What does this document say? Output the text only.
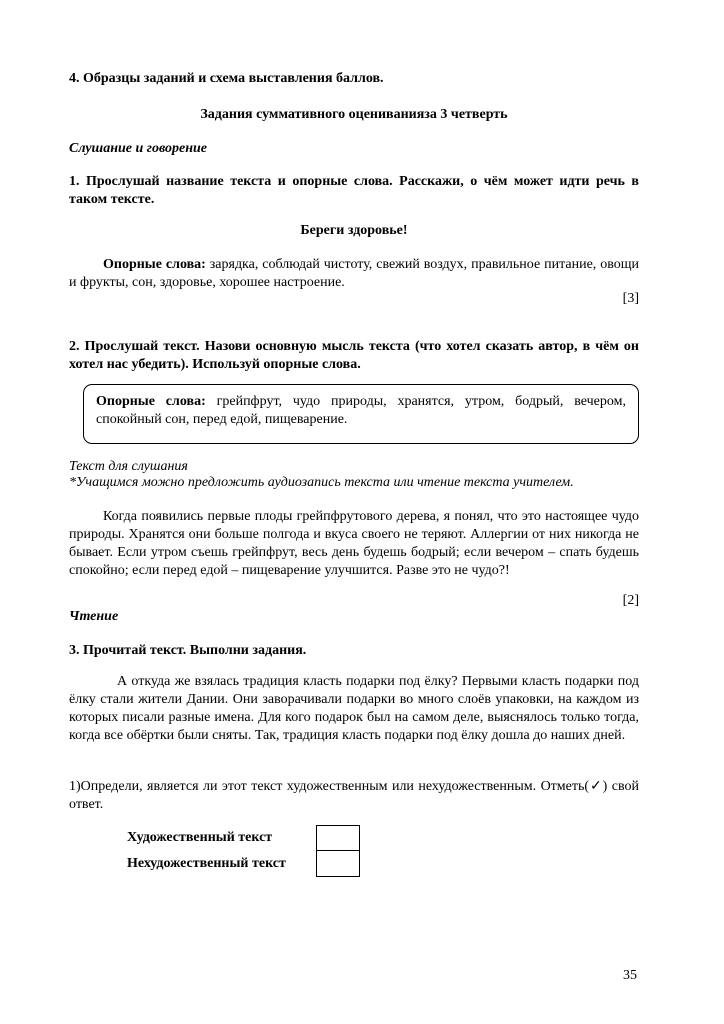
4. Образцы заданий и схема выставления баллов.
Задания суммативного оцениванияза 3 четверть
Слушание и говорение
1. Прослушай название текста и опорные слова. Расскажи, о чём может идти речь в таком тексте.
Береги здоровье!
Опорные слова: зарядка, соблюдай чистоту, свежий воздух, правильное питание, овощи и фрукты, сон, здоровье, хорошее настроение.
[3]
2. Прослушай текст. Назови основную мысль текста (что хотел сказать автор, в чём он хотел нас убедить). Используй опорные слова.
Опорные слова: грейпфрут, чудо природы, хранятся, утром, бодрый, вечером, спокойный сон, перед едой, пищеварение.
Текст для слушания
*Учащимся можно предложить аудиозапись текста или чтение текста учителем.
Когда появились первые плоды грейпфрутового дерева, я понял, что это настоящее чудо природы. Хранятся они больше полгода и вкуса своего не теряют. Аллергии от них никогда не бывает. Если утром съешь грейпфрут, весь день будешь бодрый; если вечером – спать будешь спокойно; если перед едой – пищеварение улучшится. Разве это не чудо?!
[2]
Чтение
3. Прочитай текст. Выполни задания.
А откуда же взялась традиция класть подарки под ёлку? Первыми класть подарки под ёлку стали жители Дании. Они заворачивали подарки во много слоёв упаковки, на каждом из которых писали разные имена. Для кого подарок был на самом деле, выяснялось только тогда, когда все обёртки были сняты. Так, традиция класть подарки под ёлку дошла до наших дней.
1)Определи, является ли этот текст художественным или нехудожественным. Отметь(✓) свой ответ.
Художественный текст
Нехудожественный текст
35
